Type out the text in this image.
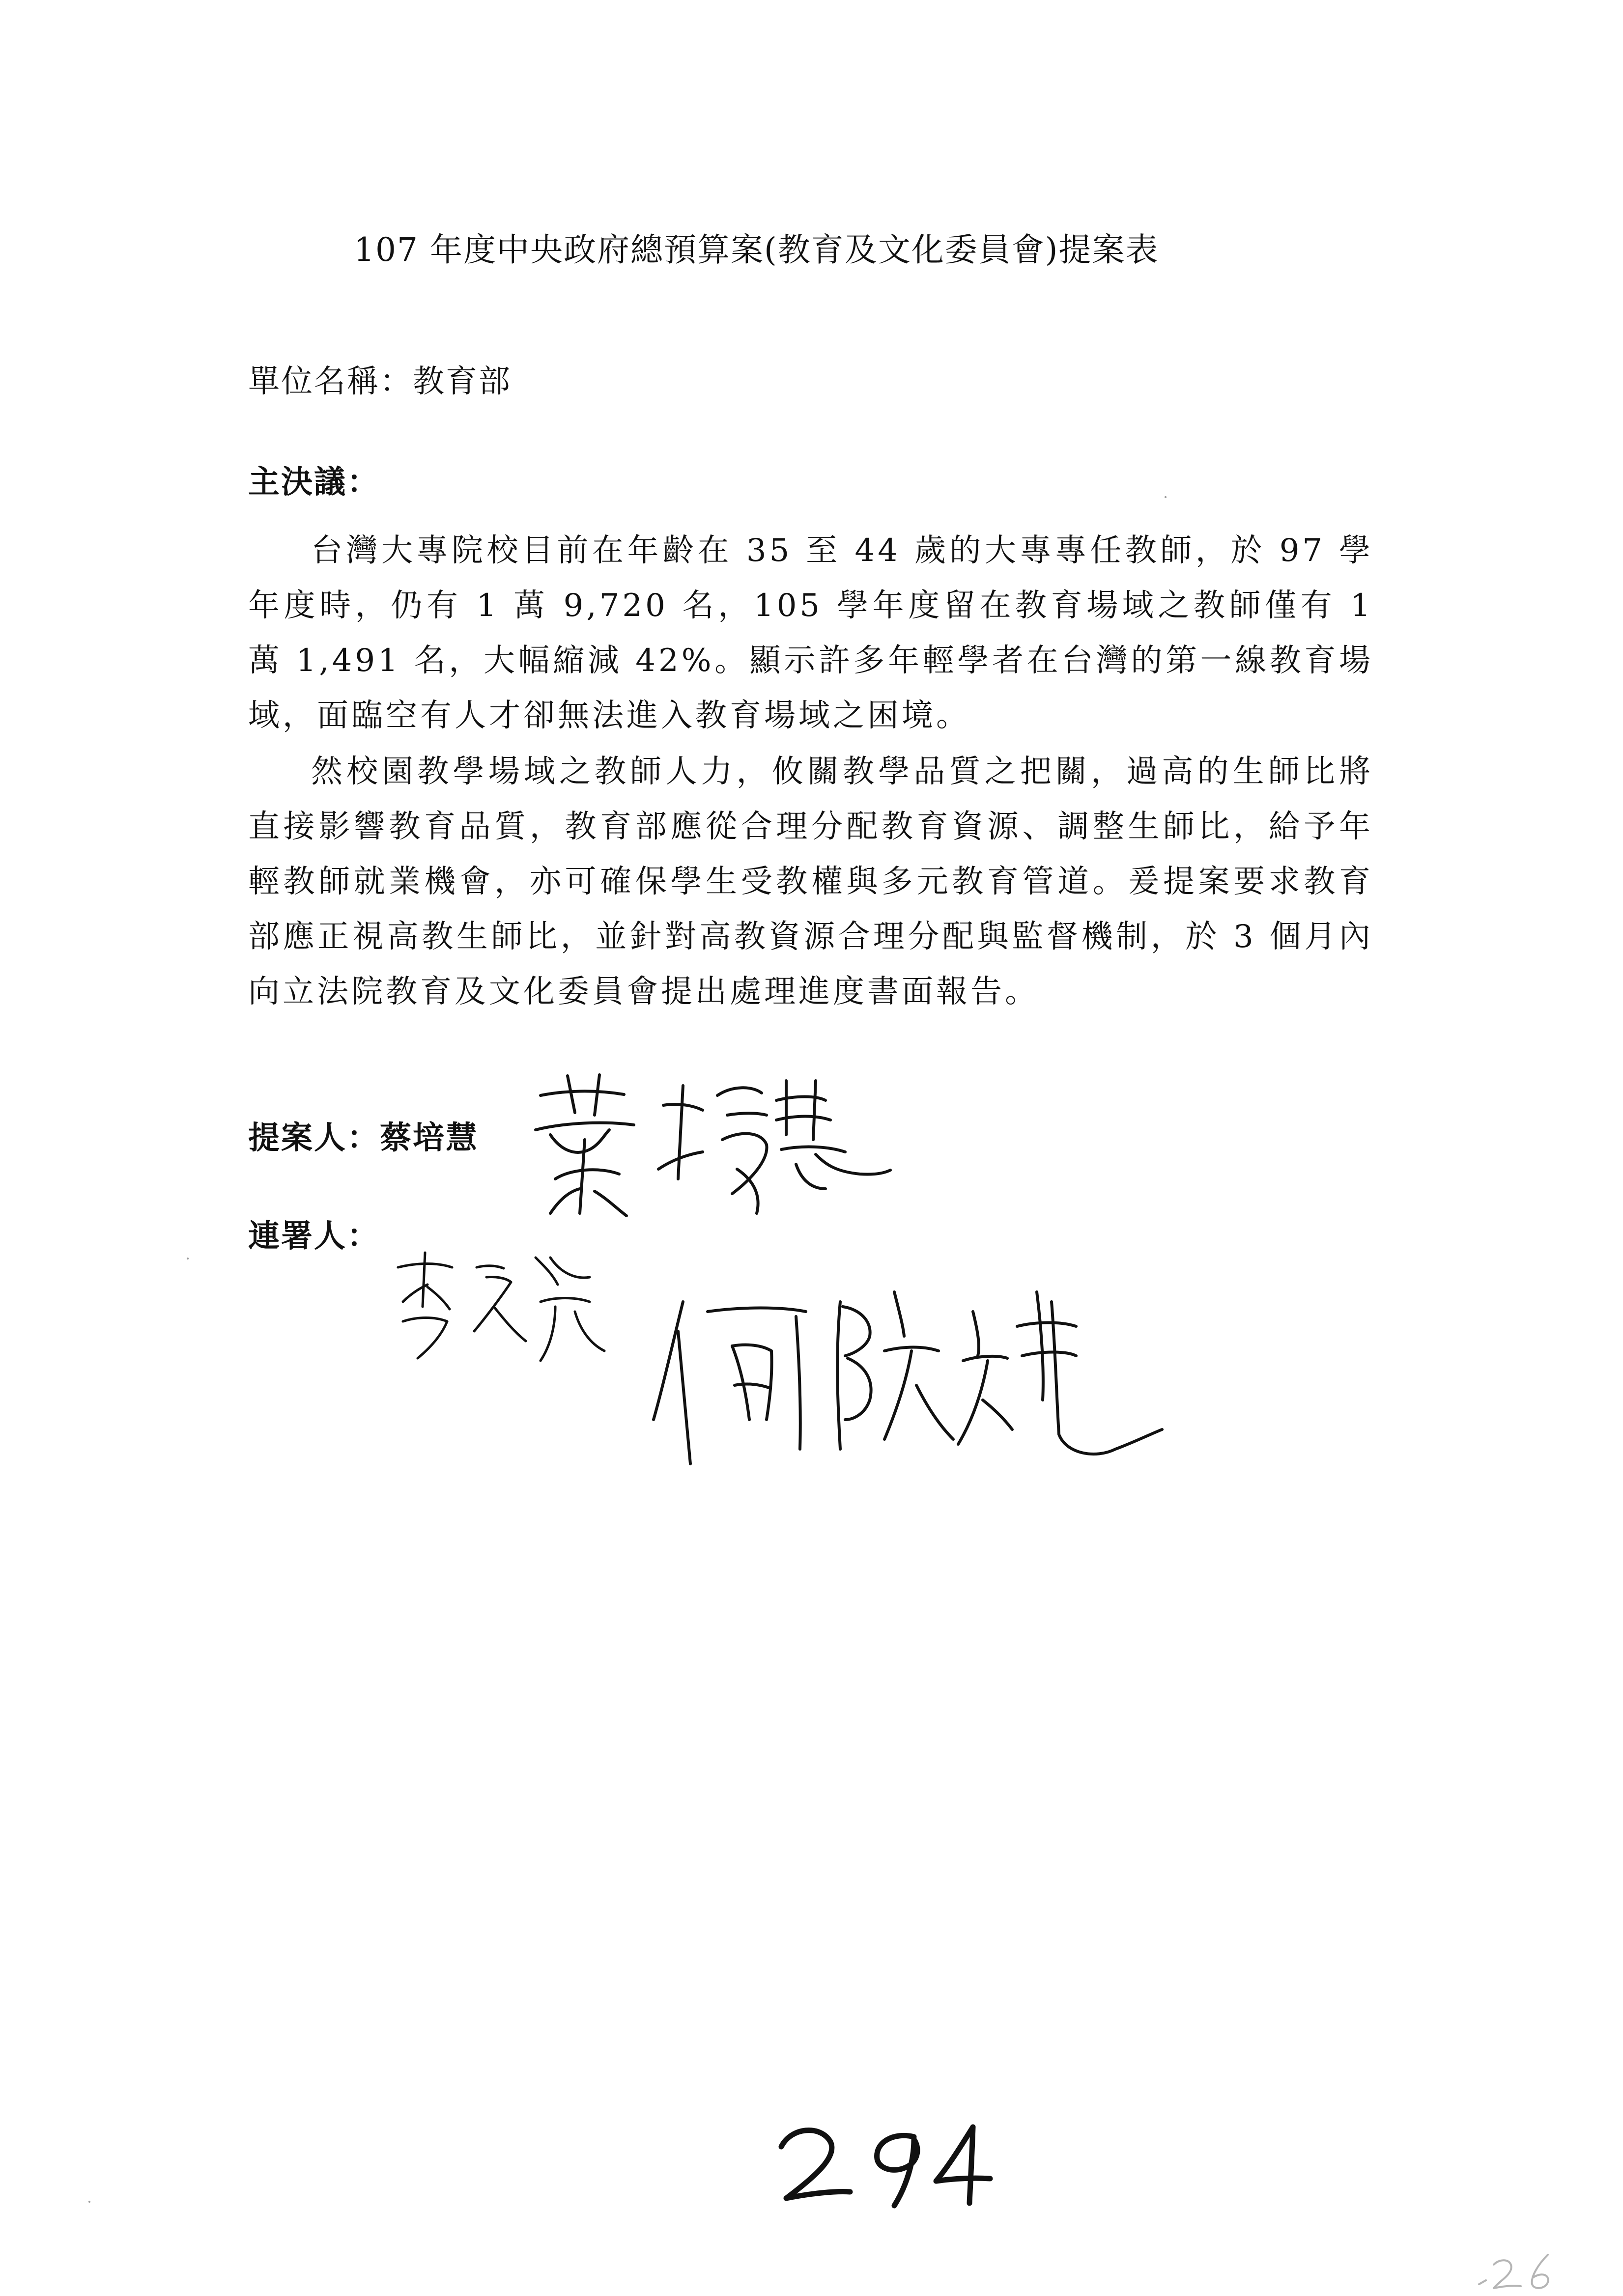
107 年度中央政府總預算案(教育及文化委員會)提案表
單位名稱：教育部
主決議：
台灣大專院校目前在年齡在 35 至 44 歲的大專專任教師，於 97 學年度時，仍有 1 萬 9,720 名，105 學年度留在教育場域之教師僅有 1 萬 1,491 名，大幅縮減 42%。顯示許多年輕學者在台灣的第一線教育場域，面臨空有人才卻無法進入教育場域之困境。
然校園教學場域之教師人力，攸關教學品質之把關，過高的生師比將直接影響教育品質，教育部應從合理分配教育資源、調整生師比，給予年輕教師就業機會，亦可確保學生受教權與多元教育管道。爰提案要求教育部應正視高教生師比，並針對高教資源合理分配與監督機制，於 3 個月內向立法院教育及文化委員會提出處理進度書面報告。
提案人：蔡培慧
連署人：
